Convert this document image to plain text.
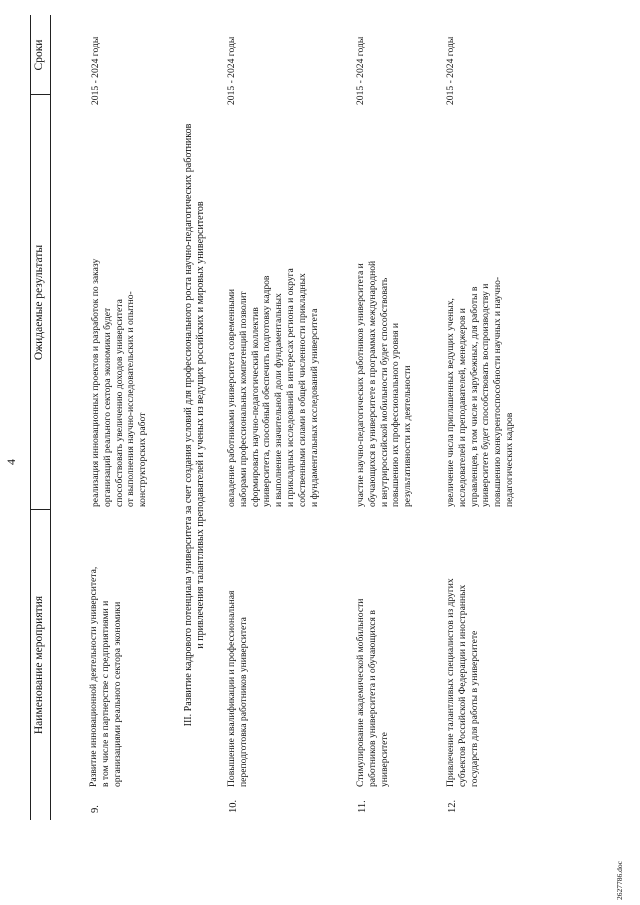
4
Наименование мероприятия
Ожидаемые результаты
Сроки
9.
Развитие инновационной деятельности университета,
в том числе в партнерстве с предприятиями и
организациями реального сектора экономики
реализация инновационных проектов и разработок по заказу
организаций реального сектора экономики будет
способствовать увеличению доходов университета
от выполнения научно-исследовательских и опытно-
конструкторских работ
2015 - 2024 годы
III. Развитие кадрового потенциала университета за счет создания условий для профессионального роста научно-педагогических работников
и привлечения талантливых преподавателей и ученых из ведущих российских и мировых университетов
10.
Повышение квалификации и профессиональная
переподготовка работников университета
овладение работниками университета современными
наборами профессиональных компетенций позволит
сформировать научно-педагогический коллектив
университета, способный обеспечить подготовку кадров
и выполнение значительной доли фундаментальных
и прикладных исследований в интересах региона и округа
собственными силами в общей численности прикладных
и фундаментальных исследований университета
2015 - 2024 годы
11.
Стимулирование академической мобильности
работников университета и обучающихся в
университете
участие научно-педагогических работников университета и
обучающихся в университете в программах международной
и внутрироссийской мобильности будет способствовать
повышению их профессионального уровня и
результативности их деятельности
2015 - 2024 годы
12.
Привлечение талантливых специалистов из других
субъектов Российской Федерации и иностранных
государств для работы в университете
увеличение числа приглашенных ведущих ученых,
исследователей и преподавателей, менеджеров и
управленцев, в том числе и зарубежных, для работы в
университете будет способствовать воспроизводству и
повышению конкурентоспособности научных и научно-
педагогических кадров
2015 - 2024 годы
2627786.doc
